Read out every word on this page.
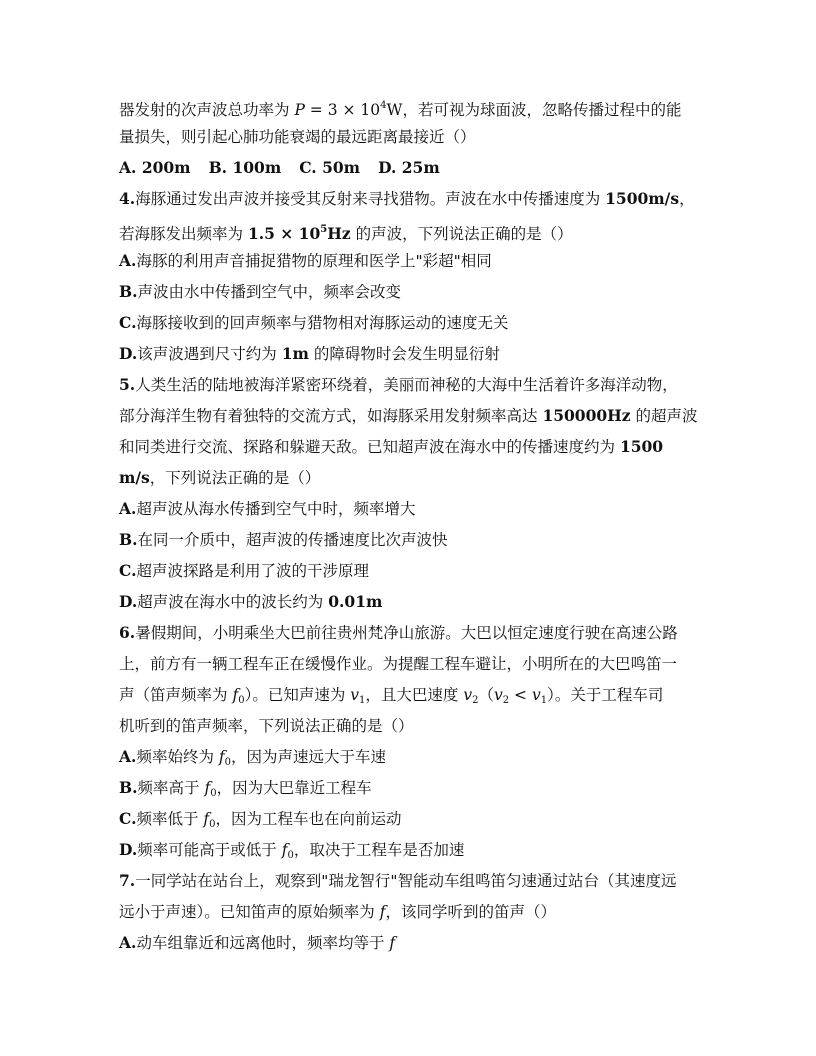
器发射的次声波总功率为 $P = 3 \times 10^4W$，若可视为球面波，忽略传播过程中的能
量损失，则引起心肺功能衰竭的最远距离最接近（）
A. 200m B. 100m C. 50m D. 25m
4.海豚通过发出声波并接受其反射来寻找猎物。声波在水中传播速度为 1500m/s，
若海豚发出频率为 $1.5 \times 10^5Hz$ 的声波，下列说法正确的是（）
A.海豚的利用声音捕捉猎物的原理和医学上"彩超"相同
B.声波由水中传播到空气中，频率会改变
C.海豚接收到的回声频率与猎物相对海豚运动的速度无关
D.该声波遇到尺寸约为 1m 的障碍物时会发生明显衍射
5.人类生活的陆地被海洋紧密环绕着，美丽而神秘的大海中生活着许多海洋动物，
部分海洋生物有着独特的交流方式，如海豚采用发射频率高达 150000Hz 的超声波
和同类进行交流、探路和躲避天敌。已知超声波在海水中的传播速度约为 1500
m/s，下列说法正确的是（）
A.超声波从海水传播到空气中时，频率增大
B.在同一介质中，超声波的传播速度比次声波快
C.超声波探路是利用了波的干涉原理
D.超声波在海水中的波长约为 0.01m
6.暑假期间，小明乘坐大巴前往贵州梵净山旅游。大巴以恒定速度行驶在高速公路
上，前方有一辆工程车正在缓慢作业。为提醒工程车避让，小明所在的大巴鸣笛一
声（笛声频率为 $f_0$）。已知声速为 $v_1$，且大巴速度 $v_2(v_2 < v_1)$。关于工程车司
机听到的笛声频率，下列说法正确的是（）
A.频率始终为 $f_0$，因为声速远大于车速
B.频率高于 $f_0$，因为大巴靠近工程车
C.频率低于 $f_0$，因为工程车也在向前运动
D.频率可能高于或低于 $f_0$，取决于工程车是否加速
7.一同学站在站台上，观察到"瑞龙智行"智能动车组鸣笛匀速通过站台（其速度远
远小于声速）。已知笛声的原始频率为 f，该同学听到的笛声（）
A.动车组靠近和远离他时，频率均等于 f
